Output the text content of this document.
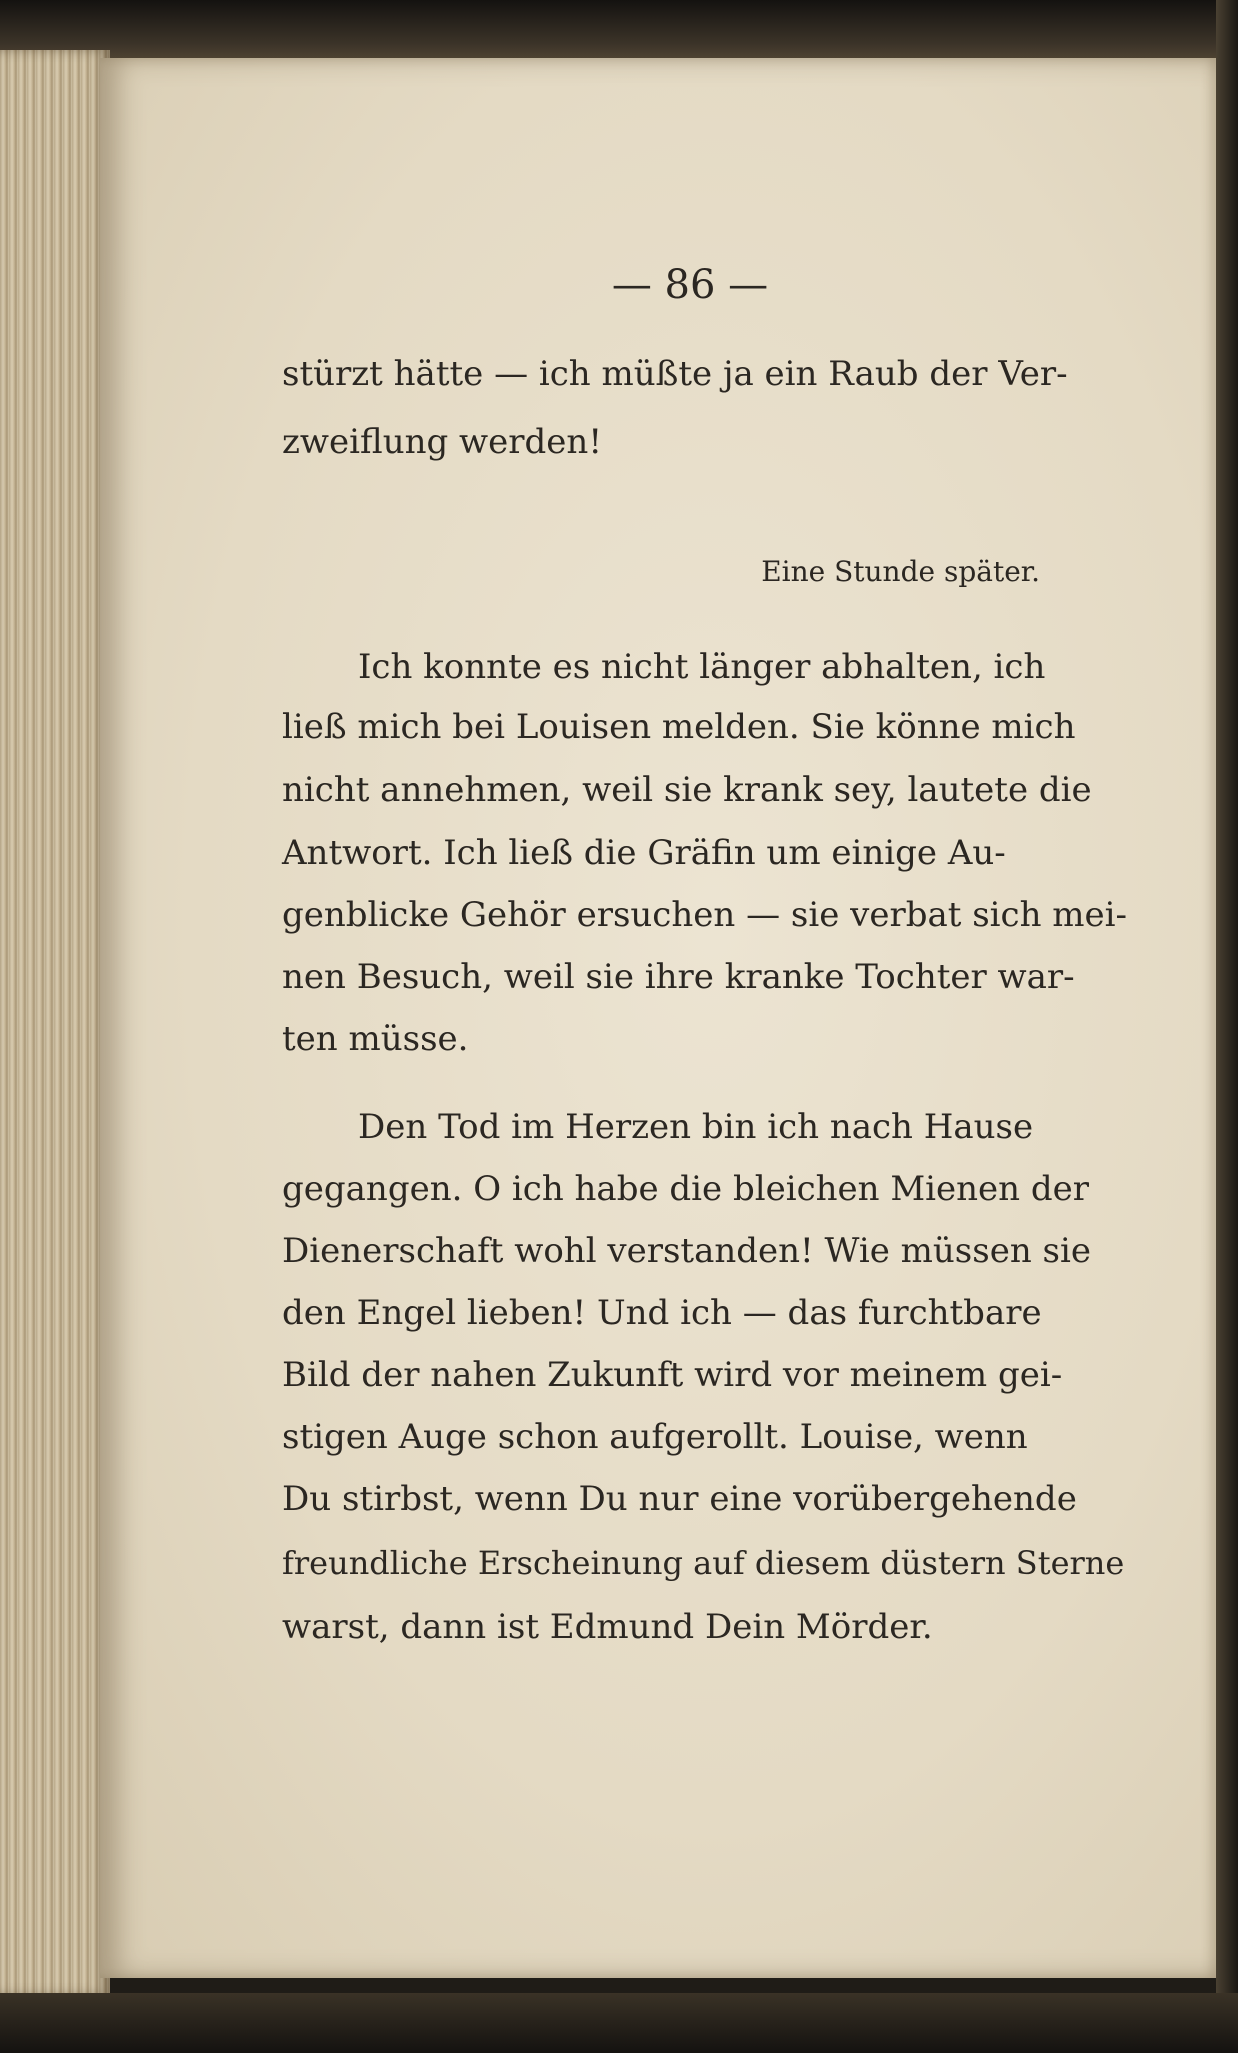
— 86 —
stürzt hätte — ich müßte ja ein Raub der Ver-
zweiflung werden!
Eine Stunde später.
Ich konnte es nicht länger abhalten, ich
ließ mich bei Louisen melden. Sie könne mich
nicht annehmen, weil sie krank sey, lautete die
Antwort. Ich ließ die Gräfin um einige Au-
genblicke Gehör ersuchen — sie verbat sich mei-
nen Besuch, weil sie ihre kranke Tochter war-
ten müsse.
Den Tod im Herzen bin ich nach Hause
gegangen. O ich habe die bleichen Mienen der
Dienerschaft wohl verstanden! Wie müssen sie
den Engel lieben! Und ich — das furchtbare
Bild der nahen Zukunft wird vor meinem gei-
stigen Auge schon aufgerollt. Louise, wenn
Du stirbst, wenn Du nur eine vorübergehende
freundliche Erscheinung auf diesem düstern Sterne
warst, dann ist Edmund Dein Mörder.
